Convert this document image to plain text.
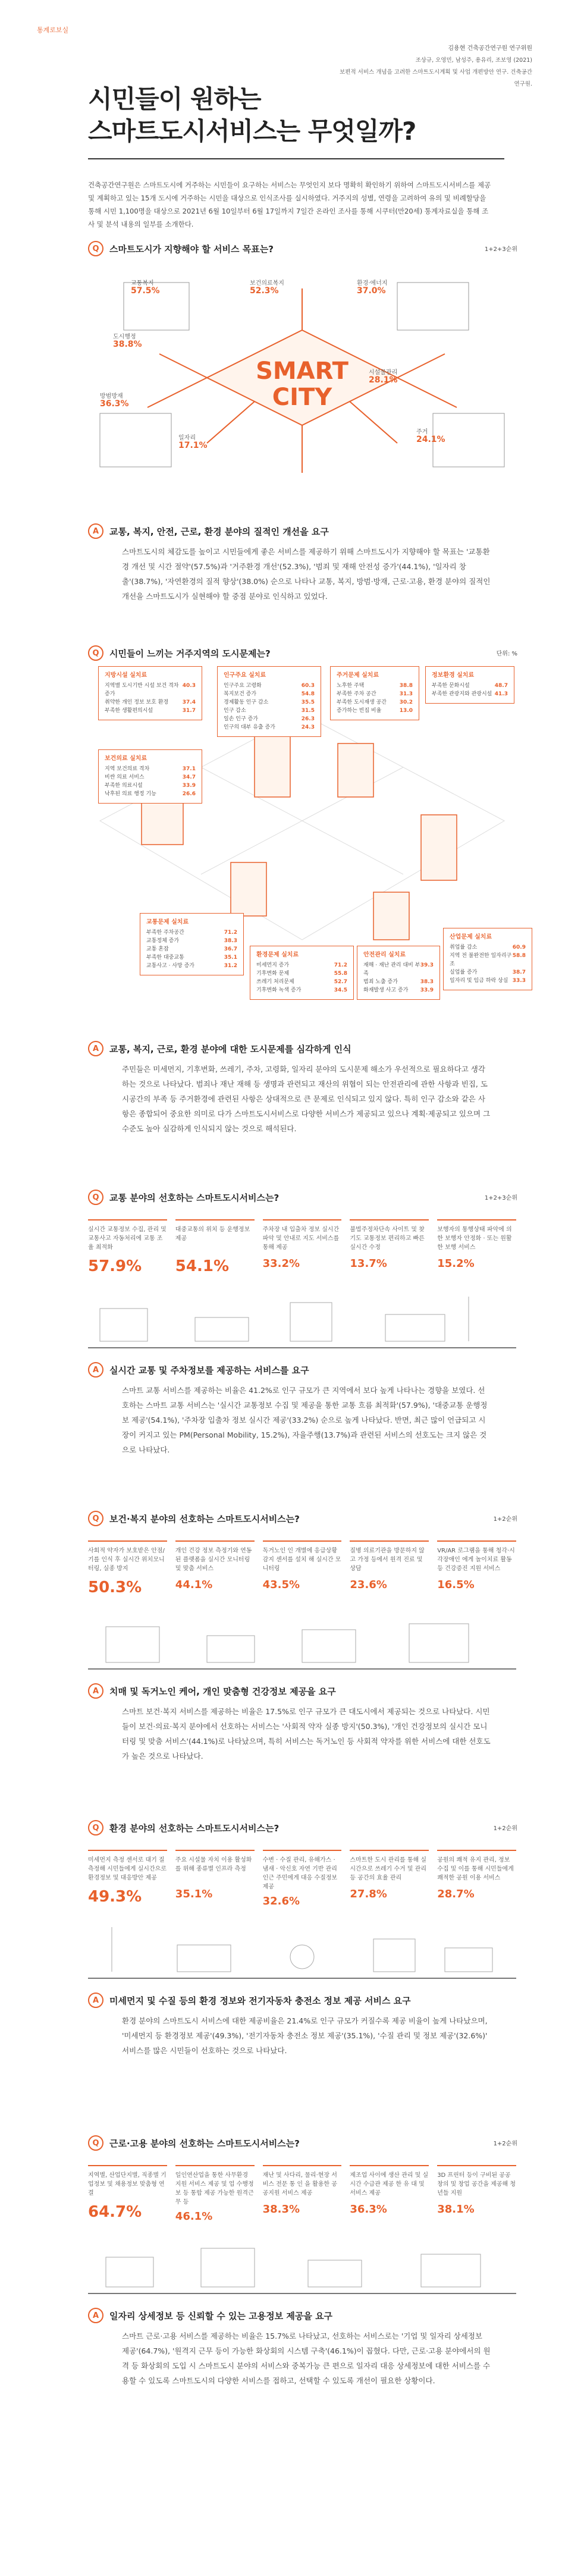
통계로보실
김용현 건축공간연구원 연구위원
조상규, 오영민, 남성주, 용유리, 조보영 (2021)
보편적 서비스 개념을 고려한 스마트도시계획 및 사업 개편방안 연구. 건축공간연구원.
시민들이 원하는
스마트도시서비스는 무엇일까?
건축공간연구원은 스마트도시에 거주하는 시민들이 요구하는 서비스는 무엇인지 보다 명확히 확인하기 위하여 스마트도시서비스를 제공 및 계획하고 있는 15개 도시에 거주하는 시민을 대상으로 인식조사를 실시하였다. 거주지의 성별, 연령을 고려하여 유의 및 비례할당을 통해 시민 1,100명을 대상으로 2021년 6월 10일부터 6월 17일까지 7일간 온라인 조사를 통해 시쿠터(만20세) 통계자료실을 통해 조사 및 분석 내용의 일부를 소개한다.
Q	스마트도시가 지향해야 할 서비스 목표는?	1+2+3순위
SMART
CITY
교통복지
57.5%
도시행정
38.8%
방범방재
36.3%
환경·에너지
37.0%
보건의료복지
52.3%
시설물관리
28.1%
주거
24.1%
일자리
17.1%
A	교통, 복지, 안전, 근로, 환경 분야의 질적인 개선을 요구
스마트도시의 체감도를 높이고 시민들에게 좋은 서비스를 제공하기 위해 스마트도시가 지향해야 할 목표는 '교통환경 개선 및 시간 절약'(57.5%)과 '거주환경 개선'(52.3%), '범죄 및 재해 안전성 증가'(44.1%), '일자리 창출'(38.7%), '자연환경의 질적 향상'(38.0%) 순으로 나타나 교통, 복지, 방범·방재, 근로·고용, 환경 분야의 질적인 개선을 스마트도시가 실현해야 할 중점 분야로 인식하고 있었다.
Q	시민들이 느끼는 거주지역의 도시문제는?	단위: %
지방시설 실치료
지역별 도시기반 시설 보건 격차 증가
40.3
취약한 개인 정보 보호 환경	37.4
부족한 생활편의시설	31.7
인구주요 실치료
인구주요 고령화	60.3
복지보건 증가	54.8
경제활동 인구 감소	35.5
인구 감소	31.5
일손 인구 증가	26.3
인구의 대부 유출 증가	24.3
주거문제 실치료
노후한 주택	38.8
부족한 주차 공간	31.3
부족한 도시재생 공간 30.2
증가하는 빈집 비율	13.0
정보환경 실치료
부족한 문화시설	48.7
부족한 관광지와 관광시설 41.3
보건의료 실치료
지역 보건의료 격차	37.1
비싼 의료 서비스	34.7
부족한 의료시설	33.9
낙후된 의료 행정 기능	26.6
교통문제 실치료
부족한 주차공간	71.2
교통정체 증가	38.3
교통 혼잡	36.7
부족한 대중교통	35.1
교통사고 · 사망 증가	31.2
환경문제 실치료
미세먼지 증가	71.2
기후변화 문제	55.8
쓰레기 처리문제	52.7
기후변화 녹색 증가	34.5
안전관리 실치료
재해 · 재난 관리 대비 부족
39.3
범죄 노출 증가	38.3
화재발생 사고 증가 33.9
산업문제 실치료
취업률 감소	60.9
지역 전 불완전한 일자리구조
58.8
실업률 증가	38.7
일자리 및 임금 하락 상실 33.3
A	교통, 복지, 근로, 환경 분야에 대한 도시문제를 심각하게 인식
주민들은 미세먼지, 기후변화, 쓰레기, 주차, 고령화, 일자리 분야의 도시문제 해소가 우선적으로 필요하다고 생각하는 것으로 나타났다. 범죄나 재난 재해 등 생명과 관련되고 재산의 위협이 되는 안전관리에 관한 사항과 빈집, 도시공간의 부족 등 주거환경에 관련된 사항은 상대적으로 큰 문제로 인식되고 있지 않다. 특히 인구 감소와 같은 사항은 종합되어 중요한 의미로 다가 스마트도시서비스로 다양한 서비스가 제공되고 있으나 계획·제공되고 있으며 그 수준도 높아 실감하게 인식되지 않는 것으로 해석된다.
Q	교통 분야의 선호하는 스마트도시서비스는?	1+2+3순위
실시간 교통정보 수집, 관리 및 교통사고 자동처리에 교통 조율 최적화
57.9%
대중교통의 위치 등 운행정보 제공
54.1%
주차장 내 입출차 정보 실시간 파악 및 안내로 지도 서비스를 통해 제공
33.2%
불법주정차단속 사이트 및 찾기도 교통정보 편리하고 빠른 실시간 수정
13.7%
보행자의 통행상태 파악에 의한 보행자 안정화 · 또는 원활한 보행 서비스
15.2%
A	실시간 교통 및 주차정보를 제공하는 서비스를 요구
스마트 교통 서비스를 제공하는 비율은 41.2%로 인구 규모가 큰 지역에서 보다 높게 나타나는 경향을 보였다. 선호하는 스마트 교통 서비스는 '실시간 교통정보 수집 및 제공을 통한 교통 흐름 최적화'(57.9%), '대중교통 운행정보 제공'(54.1%), '주차장 입출차 정보 실시간 제공'(33.2%) 순으로 높게 나타났다. 반면, 최근 많이 언급되고 시장이 커지고 있는 PM(Personal Mobility, 15.2%), 자율주행(13.7%)과 관련된 서비스의 선호도는 크지 않은 것으로 나타났다.
Q	보건·복지 분야의 선호하는 스마트도시서비스는?	1+2순위
사회적 약자가 보호받은 안점/기를 인식 후 실시간 위치모니터링, 실종 방지
50.3%
개인 건강 정보 측정기와 연동 된 플랫폼을 실시간 모니터링 및 맞춤 서비스
44.1%
독거노인 인 개별에 응급상황 감지 센서를 설치 해 실시간 모니터링
43.5%
질병 의료기관을 방문하지 않고 가정 등에서 원격 진료 및 상담
23.6%
VR/AR 로그램을 통해 청각·시각장애인 에게 놀이치료 활동 등 건강증진 지원 서비스
16.5%
A	치매 및 독거노인 케어, 개인 맞춤형 건강정보 제공을 요구
스마트 보건·복지 서비스를 제공하는 비율은 17.5%로 인구 규모가 큰 대도시에서 제공되는 것으로 나타났다. 시민들이 보건·의료·복지 분야에서 선호하는 서비스는 '사회적 약자 실종 방지'(50.3%), '개인 건강정보의 실시간 모니터링 및 맞춤 서비스'(44.1%)로 나타났으며, 특히 서비스는 독거노인 등 사회적 약자를 위한 서비스에 대한 선호도가 높은 것으로 나타났다.
Q	환경 분야의 선호하는 스마트도시서비스는?	1+2순위
미세먼지 측정 센서로 대기 질 측정해 시민들에게 실시간으로 환경정보 및 대응방안 제공
49.3%
주요 시설물 자치 이용 활성화를 위해 종류별 인프라 측정
35.1%
수변 · 수질 관리, 유해가스 · 냄새 · 악신호 자연 기반 관리 인근 주민에게 대응 수질정보 제공
32.6%
스마트한 도시 관리를 통해 실시간으로 쓰레기 수거 및 관리 등 공간의 효율 관리
27.8%
공원의 쾌적 유지 관리, 정보 수집 및 이를 통해 시민들에게 쾌적한 공원 이용 서비스
28.7%
A	미세먼지 및 수질 등의 환경 정보와 전기자동차 충전소 정보 제공 서비스 요구
환경 분야의 스마트도시 서비스에 대한 제공비율은 21.4%로 인구 규모가 커질수록 제공 비율이 높게 나타났으며, '미세먼지 등 환경정보 제공'(49.3%), '전기자동차 충전소 정보 제공'(35.1%), '수질 관리 및 정보 제공'(32.6%)' 서비스를 많은 시민들이 선호하는 것으로 나타났다.
Q	근로·고용 분야의 선호하는 스마트도시서비스는?	1+2순위
지역별, 산업단지별, 직종별 기업정보 및 채용정보 맞춤형 연결
64.7%
일인연산업을 통한 사무환경 지원 서비스 제공 및 업 수행정보 등 통합 제공 가능한 원격근무 등
46.1%
재난 및 사다리, 물리·현장 서비스 전문 통 인 을 활용한 공공지원 서비스 제공
38.3%
제조업 사이에 생산 관리 및 실시간 수급관 제공 한 유 대 및 서비스 제공
36.3%
3D 프린터 등이 구비된 공공 창의 및 창업 공간을 제공해 청년들 지원
38.1%
A	일자리 상세정보 등 신뢰할 수 있는 고용정보 제공을 요구
스마트 근로·고용 서비스를 제공하는 비율은 15.7%로 나타났고, 선호하는 서비스로는 '기업 및 일자리 상세정보 제공'(64.7%), '원격지 근무 등이 가능한 화상회의 시스템 구축'(46.1%)이 꼽혔다. 다만, 근로·고용 분야에서의 원격 등 화상회의 도입 시 스마트도시 분야의 서비스와 중복가능 큰 편으로 일자리 대응 상세정보에 대한 서비스를 수용할 수 있도록 스마트도시의 다양한 서비스를 접하고, 선택할 수 있도록 개선이 필요한 상황이다.
